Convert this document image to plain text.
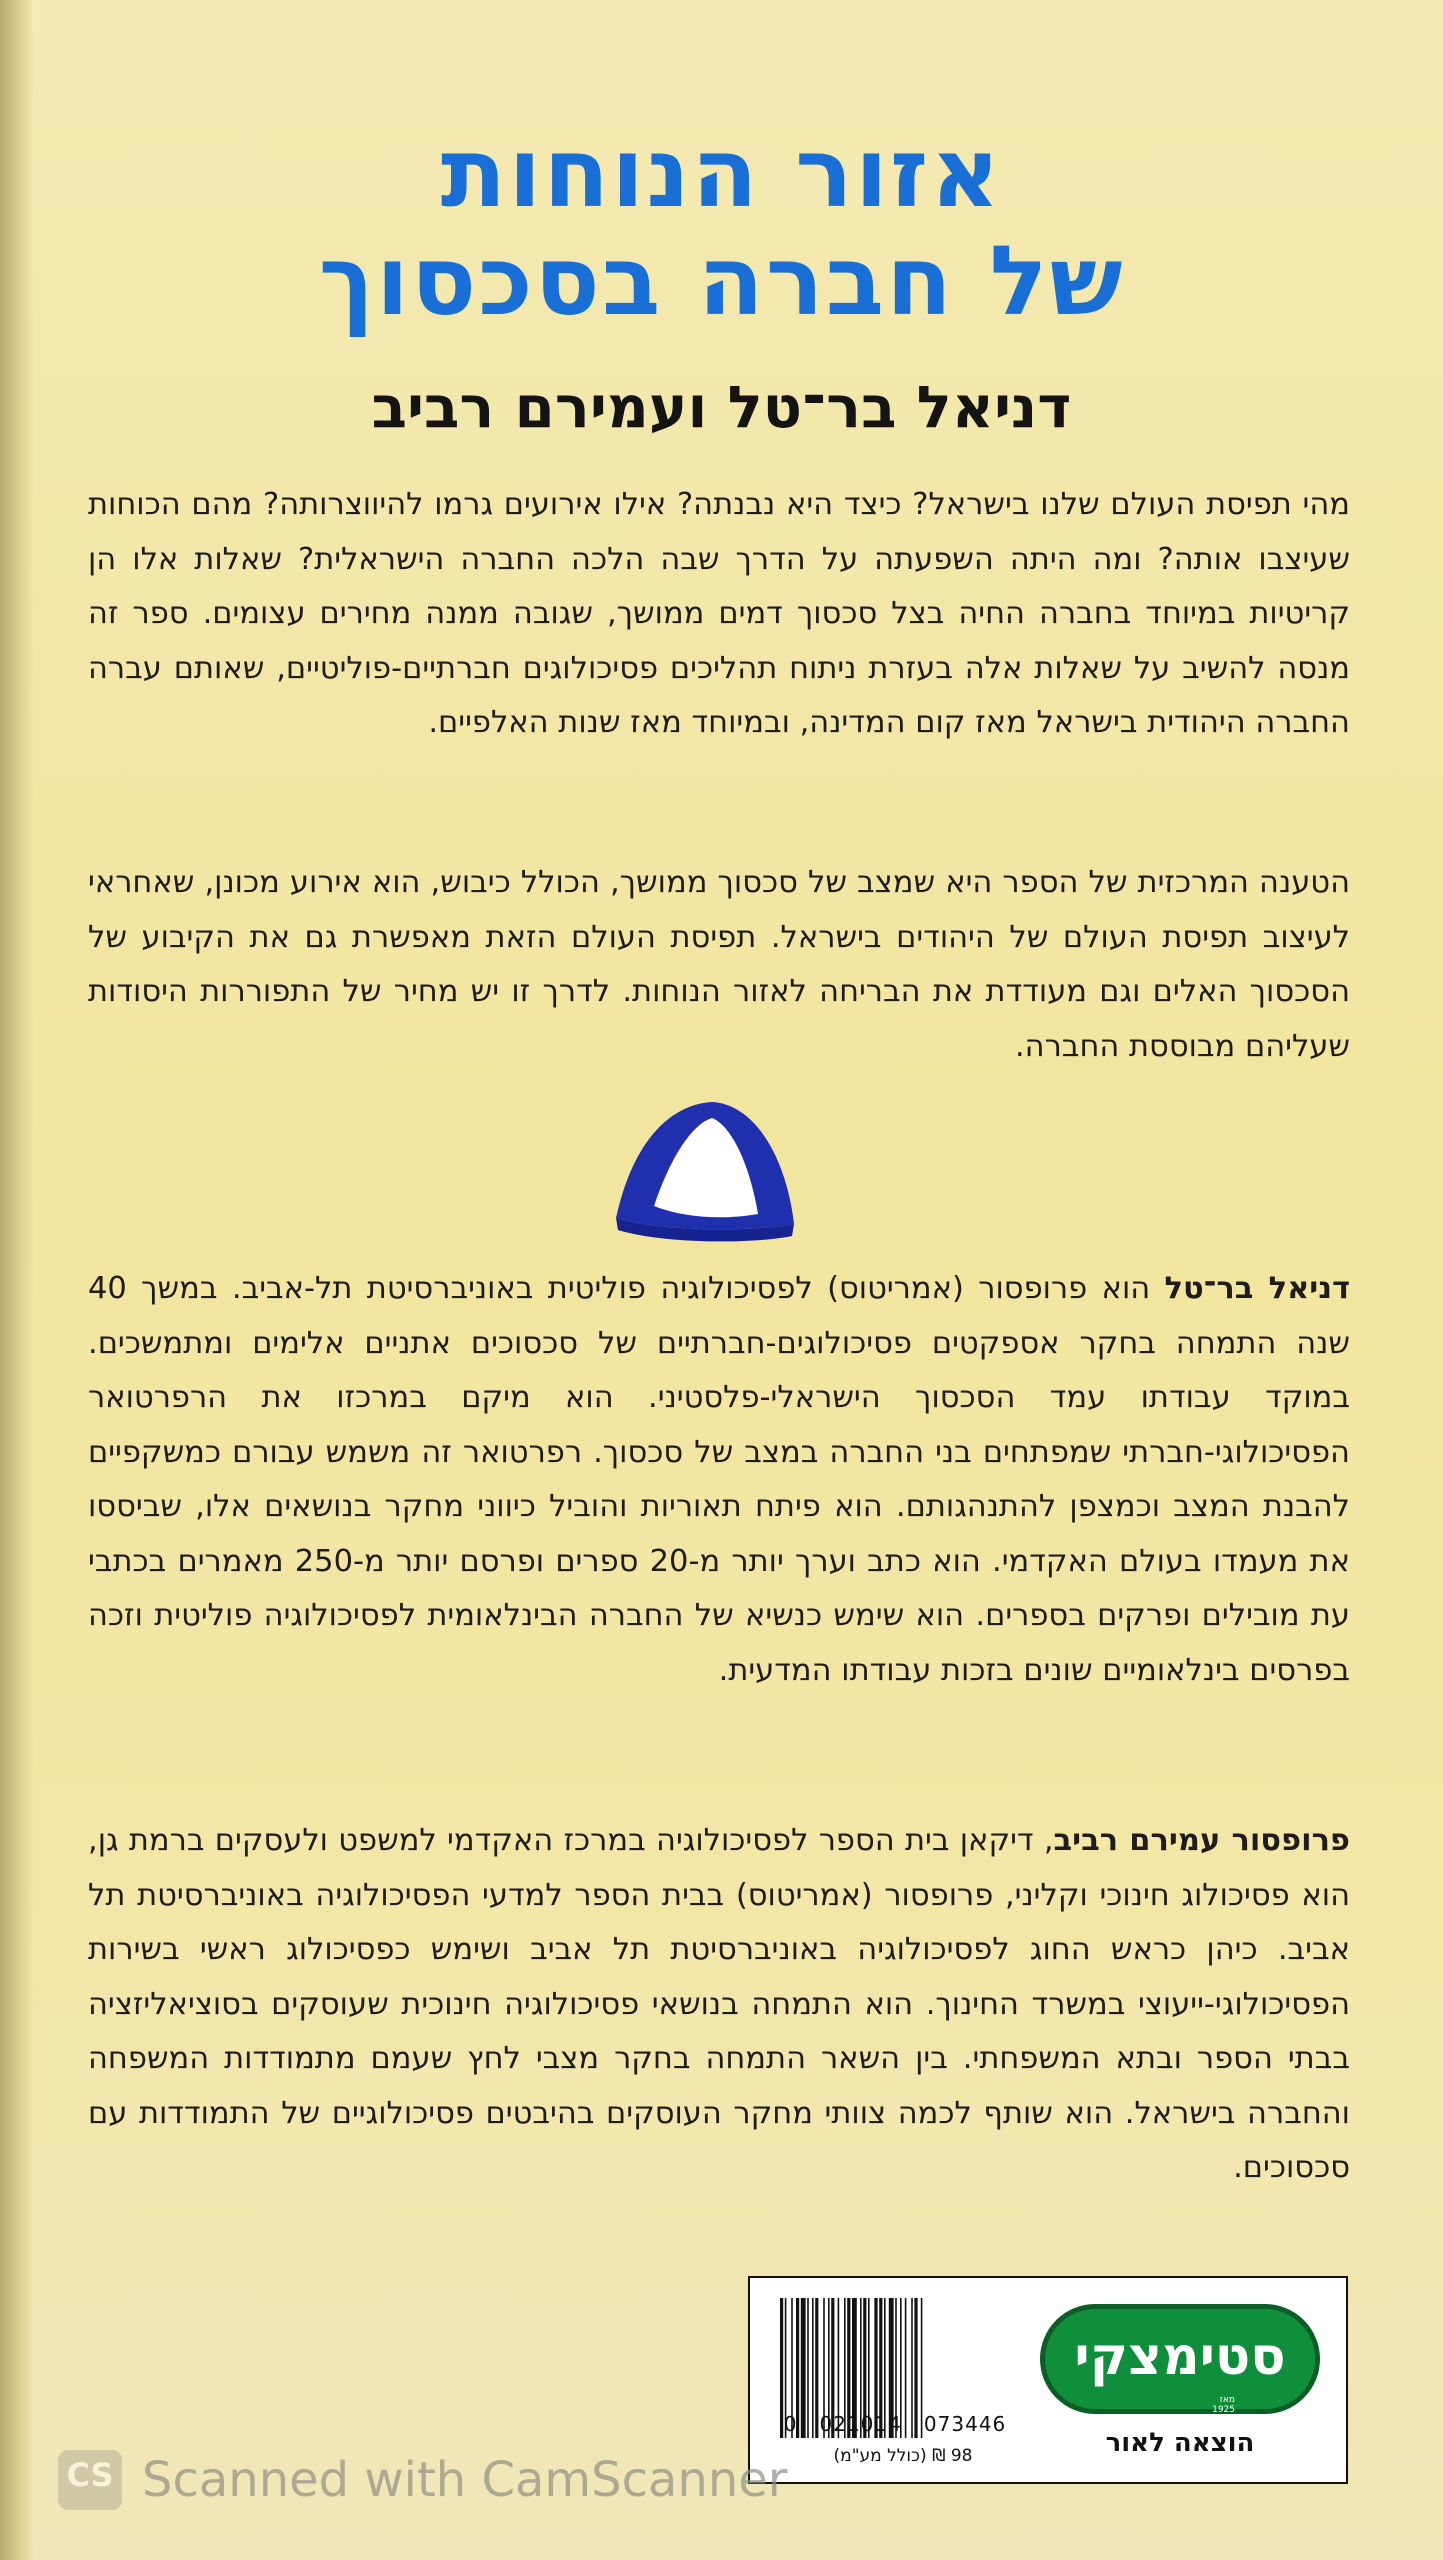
אזור הנוחות
של חברה בסכסוך
דניאל בר־טל ועמירם רביב
מהי תפיסת העולם שלנו בישראל? כיצד היא נבנתה? אילו אירועים גרמו להיווצרותה? מהם הכוחות שעיצבו אותה? ומה היתה השפעתה על הדרך שבה הלכה החברה הישראלית? שאלות אלו הן קריטיות במיוחד בחברה החיה בצל סכסוך דמים ממושך, שגובה ממנה מחירים עצומים. ספר זה מנסה להשיב על שאלות אלה בעזרת ניתוח תהליכים פסיכולוגים חברתיים-פוליטיים, שאותם עברה החברה היהודית בישראל מאז קום המדינה, ובמיוחד מאז שנות האלפיים.
הטענה המרכזית של הספר היא שמצב של סכסוך ממושך, הכולל כיבוש, הוא אירוע מכונן, שאחראי לעיצוב תפיסת העולם של היהודים בישראל. תפיסת העולם הזאת מאפשרת גם את הקיבוע של הסכסוך האלים וגם מעודדת את הבריחה לאזור הנוחות. לדרך זו יש מחיר של התפוררות היסודות שעליהם מבוססת החברה.
דניאל בר־טל הוא פרופסור (אמריטוס) לפסיכולוגיה פוליטית באוניברסיטת תל-אביב. במשך 40 שנה התמחה בחקר אספקטים פסיכולוגים-חברתיים של סכסוכים אתניים אלימים ומתמשכים. במוקד עבודתו עמד הסכסוך הישראלי-פלסטיני. הוא מיקם במרכזו את הרפרטואר הפסיכולוגי-חברתי שמפתחים בני החברה במצב של סכסוך. רפרטואר זה משמש עבורם כמשקפיים להבנת המצב וכמצפן להתנהגותם. הוא פיתח תאוריות והוביל כיווני מחקר בנושאים אלו, שביססו את מעמדו בעולם האקדמי. הוא כתב וערך יותר מ-20 ספרים ופרסם יותר מ-250 מאמרים בכתבי עת מובילים ופרקים בספרים. הוא שימש כנשיא של החברה הבינלאומית לפסיכולוגיה פוליטית וזכה בפרסים בינלאומיים שונים בזכות עבודתו המדעית.
פרופסור עמירם רביב, דיקאן בית הספר לפסיכולוגיה במרכז האקדמי למשפט ולעסקים ברמת גן, הוא פסיכולוג חינוכי וקליני, פרופסור (אמריטוס) בבית הספר למדעי הפסיכולוגיה באוניברסיטת תל אביב. כיהן כראש החוג לפסיכולוגיה באוניברסיטת תל אביב ושימש כפסיכולוג ראשי בשירות הפסיכולוגי-ייעוצי במשרד החינוך. הוא התמחה בנושאי פסיכולוגיה חינוכית שעוסקים בסוציאליזציה בבתי הספר ובתא המשפחתי. בין השאר התמחה בחקר מצבי לחץ שעמם מתמודדות המשפחה והחברה בישראל. הוא שותף לכמה צוותי מחקר העוסקים בהיבטים פסיכולוגיים של התמודדות עם סכסוכים.
0   021014   073446
98 ₪ (כולל מע"מ)
סטימצקי
מאז 1925
הוצאה לאור
CS Scanned with CamScanner
